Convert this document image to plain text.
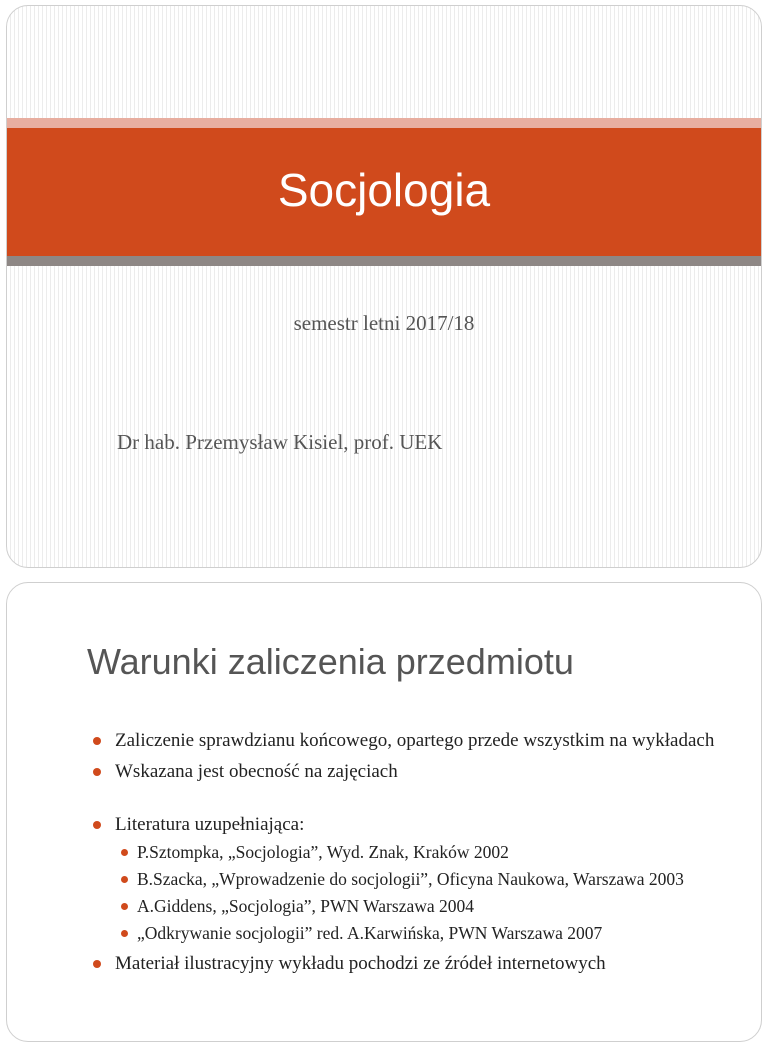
Socjologia
semestr letni 2017/18
Dr hab. Przemysław Kisiel, prof. UEK
Warunki zaliczenia przedmiotu
Zaliczenie sprawdzianu końcowego, opartego przede wszystkim na wykładach
Wskazana jest obecność na zajęciach
Literatura uzupełniająca:
P.Sztompka, „Socjologia”, Wyd. Znak, Kraków 2002
B.Szacka, „Wprowadzenie do socjologii”, Oficyna Naukowa, Warszawa 2003
A.Giddens, „Socjologia”, PWN Warszawa 2004
„Odkrywanie socjologii” red. A.Karwińska, PWN Warszawa 2007
Materiał ilustracyjny wykładu pochodzi ze źródeł internetowych
